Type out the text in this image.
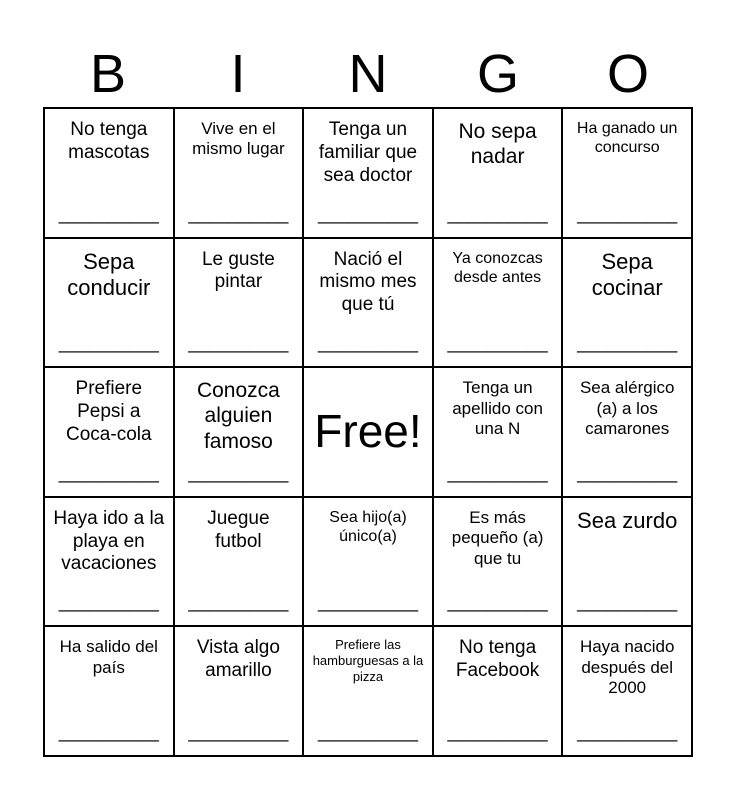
B	I	N	G	O
No tenga mascotas
__________
Vive en el mismo lugar
__________
Tenga un familiar que sea doctor
__________
No sepa nadar
__________
Ha ganado un concurso
__________
Sepa conducir
__________
Le guste pintar
__________
Nació el mismo mes que tú
__________
Ya conozcas desde antes
__________
Sepa cocinar
__________
Prefiere Pepsi a Coca-cola
__________
Conozca alguien famoso
__________
Free!
Tenga un apellido con una N
__________
Sea alérgico (a) a los camarones
__________
Haya ido a la playa en vacaciones
__________
Juegue futbol
__________
Sea hijo(a) único(a)
__________
Es más pequeño (a) que tu
__________
Sea zurdo
__________
Ha salido del país
__________
Vista algo amarillo
__________
Prefiere las hamburguesas a la pizza
__________
No tenga Facebook
__________
Haya nacido después del 2000
__________
